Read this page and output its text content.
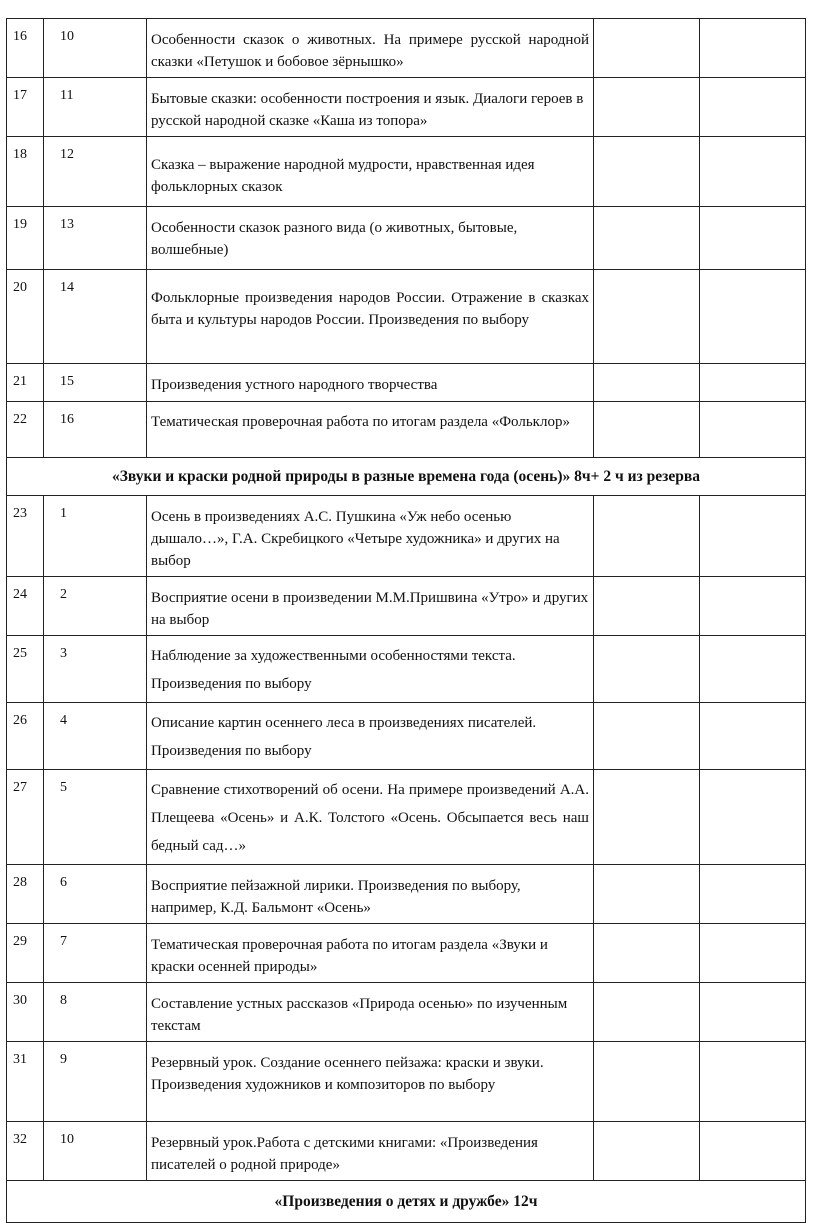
16	10	Особенности сказок о животных. На примере русской народной сказки «Петушок и бобовое зёрнышко»		
17	11	Бытовые сказки: особенности построения и язык. Диалоги героев в русской народной сказке «Каша из топора»		
18	12	Сказка – выражение народной мудрости, нравственная идея фольклорных сказок		
19	13	Особенности сказок разного вида (о животных, бытовые, волшебные)		
20	14	Фольклорные произведения народов России. Отражение в сказках быта и культуры народов России. Произведения по выбору		
21	15	Произведения устного народного творчества		
22	16	Тематическая проверочная работа по итогам раздела «Фольклор»		
«Звуки и краски родной природы в разные времена года (осень)» 8ч+ 2 ч из резерва				
23	1	Осень в произведениях А.С. Пушкина «Уж небо осенью дышало…», Г.А. Скребицкого «Четыре художника» и других на выбор		
24	2	Восприятие осени в произведении М.М.Пришвина «Утро» и других на выбор		
25	3	Наблюдение за художественными особенностями текста. Произведения по выбору		
26	4	Описание картин осеннего леса в произведениях писателей. Произведения по выбору		
27	5	Сравнение стихотворений об осени. На примере произведений А.А. Плещеева «Осень» и А.К. Толстого «Осень. Обсыпается весь наш бедный сад…»		
28	6	Восприятие пейзажной лирики. Произведения по выбору, например, К.Д. Бальмонт «Осень»		
29	7	Тематическая проверочная работа по итогам раздела «Звуки и краски осенней природы»		
30	8	Составление устных рассказов «Природа осенью» по изученным текстам		
31	9	Резервный урок. Создание осеннего пейзажа: краски и звуки. Произведения художников и композиторов по выбору		
32	10	Резервный урок.Работа с детскими книгами: «Произведения писателей о родной природе»		
«Произведения о детях и дружбе» 12ч				
